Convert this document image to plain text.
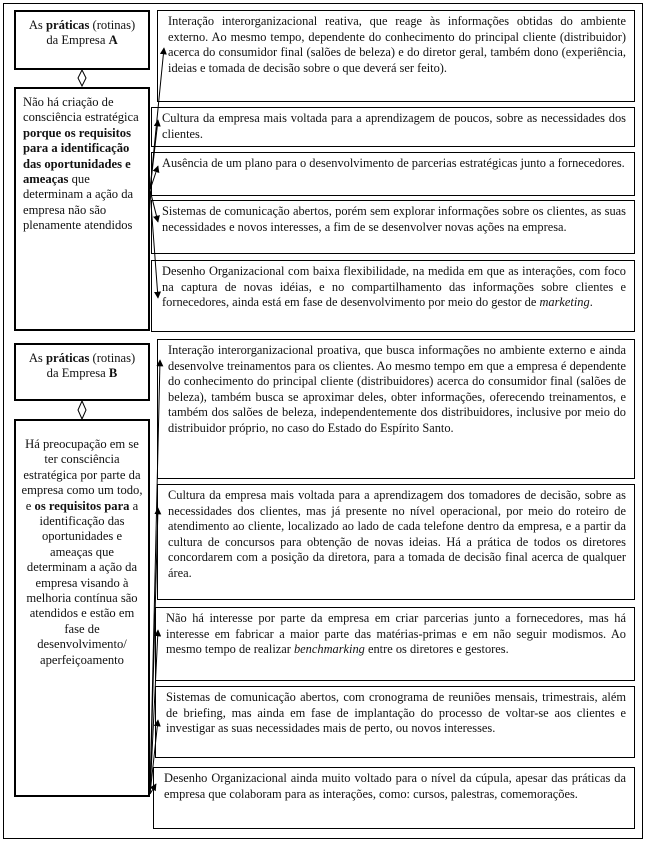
As práticas (rotinas) da Empresa A
Não há criação de consciência estratégica porque os requisitos para a identificação das oportunidades e ameaças que determinam a ação da empresa não são plenamente atendidos
Interação interorganizacional reativa, que reage às informações obtidas do ambiente externo. Ao mesmo tempo, dependente do conhecimento do principal cliente (distribuidor) acerca do consumidor final (salões de beleza) e do diretor geral, também dono (experiência, ideias e tomada de decisão sobre o que deverá ser feito).
Cultura da empresa mais voltada para a aprendizagem de poucos, sobre as necessidades dos clientes.
Ausência de um plano para o desenvolvimento de parcerias estratégicas junto a fornecedores.
Sistemas de comunicação abertos, porém sem explorar informações sobre os clientes, as suas necessidades e novos interesses, a fim de se desenvolver novas ações na empresa.
Desenho Organizacional com baixa flexibilidade, na medida em que as interações, com foco na captura de novas idéias, e no compartilhamento das informações sobre clientes e fornecedores, ainda está em fase de desenvolvimento por meio do gestor de marketing.
As práticas (rotinas) da Empresa B
Há preocupação em se ter consciência estratégica por parte da empresa como um todo, e os requisitos para a identificação das oportunidades e ameaças que determinam a ação da empresa visando à melhoria contínua são atendidos e estão em fase de desenvolvimento/ aperfeiçoamento
Interação interorganizacional proativa, que busca informações no ambiente externo e ainda desenvolve treinamentos para os clientes. Ao mesmo tempo em que a empresa é dependente do conhecimento do principal cliente (distribuidores) acerca do consumidor final (salões de beleza), também busca se aproximar deles, obter informações, oferecendo treinamentos, e também dos salões de beleza, independentemente dos distribuidores, inclusive por meio do distribuidor próprio, no caso do Estado do Espírito Santo.
Cultura da empresa mais voltada para a aprendizagem dos tomadores de decisão, sobre as necessidades dos clientes, mas já presente no nível operacional, por meio do roteiro de atendimento ao cliente, localizado ao lado de cada telefone dentro da empresa, e a partir da cultura de concursos para obtenção de novas ideias. Há a prática de todos os diretores concordarem com a posição da diretora, para a tomada de decisão final acerca de qualquer área.
Não há interesse por parte da empresa em criar parcerias junto a fornecedores, mas há interesse em fabricar a maior parte das matérias-primas e em não seguir modismos. Ao mesmo tempo de realizar benchmarking entre os diretores e gestores.
Sistemas de comunicação abertos, com cronograma de reuniões mensais, trimestrais, além de briefing, mas ainda em fase de implantação do processo de voltar-se aos clientes e investigar as suas necessidades mais de perto, ou novos interesses.
Desenho Organizacional ainda muito voltado para o nível da cúpula, apesar das práticas da empresa que colaboram para as interações, como: cursos, palestras, comemorações.
